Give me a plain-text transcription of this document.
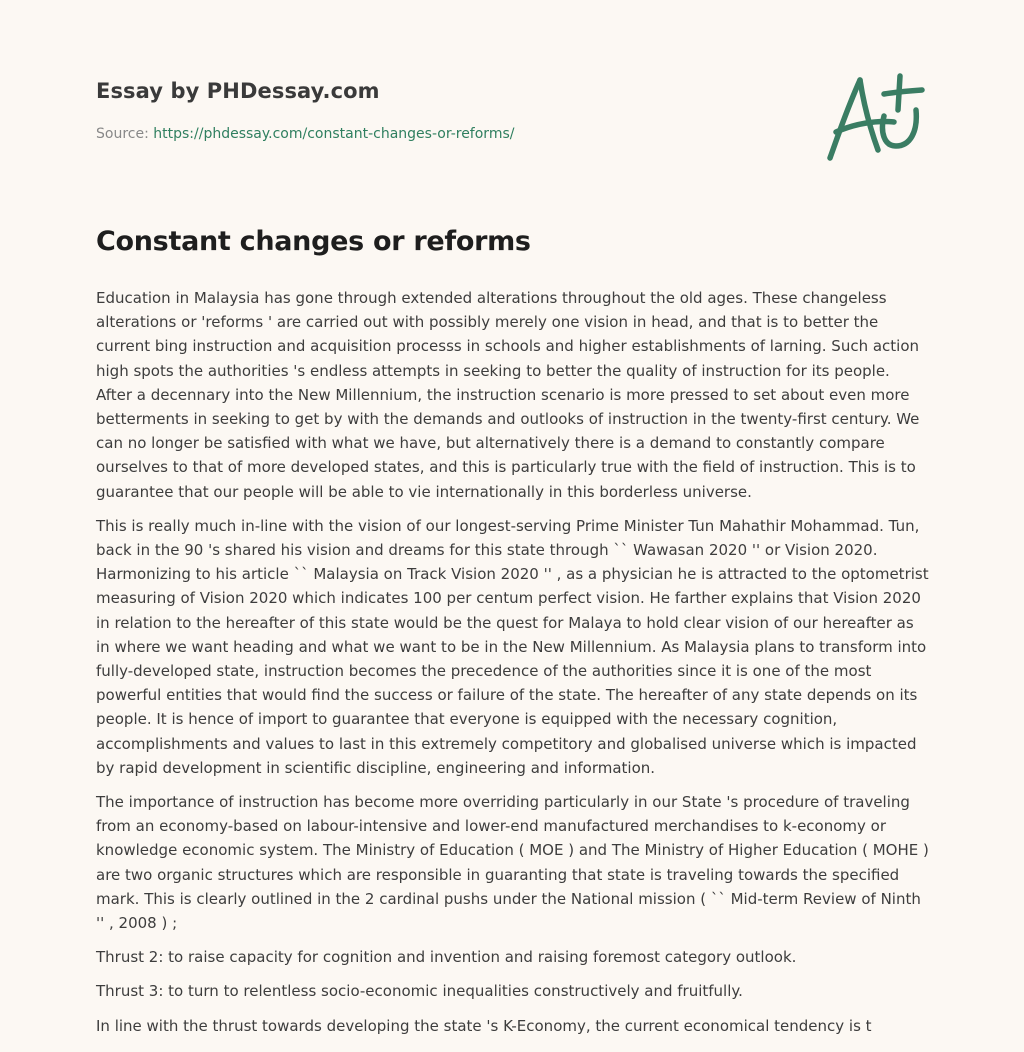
Essay by PHDessay.com
Source: https://phdessay.com/constant-changes-or-reforms/
Constant changes or reforms

Education in Malaysia has gone through extended alterations throughout the old ages. These changeless alterations or 'reforms ' are carried out with possibly merely one vision in head, and that is to better the current bing instruction and acquisition processs in schools and higher establishments of larning. Such action high spots the authorities 's endless attempts in seeking to better the quality of instruction for its people. After a decennary into the New Millennium, the instruction scenario is more pressed to set about even more betterments in seeking to get by with the demands and outlooks of instruction in the twenty-first century. We can no longer be satisfied with what we have, but alternatively there is a demand to constantly compare ourselves to that of more developed states, and this is particularly true with the field of instruction. This is to guarantee that our people will be able to vie internationally in this borderless universe.

This is really much in-line with the vision of our longest-serving Prime Minister Tun Mahathir Mohammad. Tun, back in the 90 's shared his vision and dreams for this state through `` Wawasan 2020 '' or Vision 2020. Harmonizing to his article `` Malaysia on Track Vision 2020 '' , as a physician he is attracted to the optometrist measuring of Vision 2020 which indicates 100 per centum perfect vision. He farther explains that Vision 2020 in relation to the hereafter of this state would be the quest for Malaya to hold clear vision of our hereafter as in where we want heading and what we want to be in the New Millennium. As Malaysia plans to transform into fully-developed state, instruction becomes the precedence of the authorities since it is one of the most powerful entities that would find the success or failure of the state. The hereafter of any state depends on its people. It is hence of import to guarantee that everyone is equipped with the necessary cognition, accomplishments and values to last in this extremely competitory and globalised universe which is impacted by rapid development in scientific discipline, engineering and information.

The importance of instruction has become more overriding particularly in our State 's procedure of traveling from an economy-based on labour-intensive and lower-end manufactured merchandises to k-economy or knowledge economic system. The Ministry of Education ( MOE ) and The Ministry of Higher Education ( MOHE ) are two organic structures which are responsible in guaranting that state is traveling towards the specified mark. This is clearly outlined in the 2 cardinal pushs under the National mission ( `` Mid-term Review of Ninth '' , 2008 ) ;

Thrust 2: to raise capacity for cognition and invention and raising foremost category outlook.

Thrust 3: to turn to relentless socio-economic inequalities constructively and fruitfully.

In line with the thrust towards developing the state 's K-Economy, the current economical tendency is t
